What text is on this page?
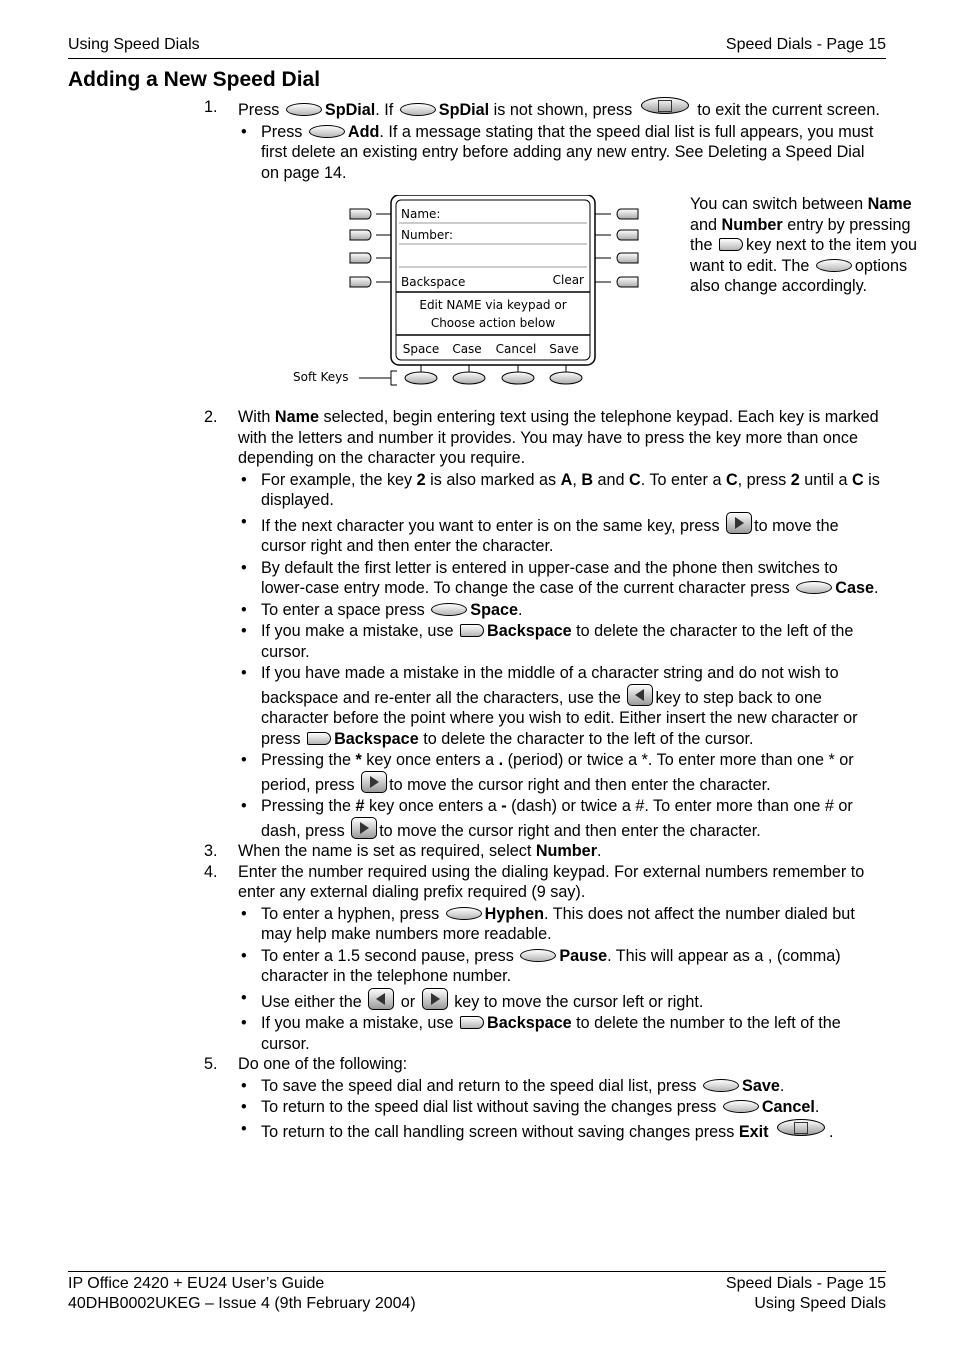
Using Speed Dials	Speed Dials - Page 15
Adding a New Speed Dial
1. Press	SpDial. If	SpDial is not shown, press	to exit the current screen.
• Press	Add. If a message stating that the speed dial list is full appears, you must first delete an existing entry before adding any new entry. See Deleting a Speed Dial on page 14.
Name:
Number:
Backspace	Clear
Edit NAME via keypad or
Choose action below
Space Case Cancel Save
Soft Keys
You can switch between Name and Number entry by pressing the key next to the item you want to edit. The	options also change accordingly.
2. With Name selected, begin entering text using the telephone keypad. Each key is marked with the letters and number it provides. You may have to press the key more than once depending on the character you require.
• For example, the key 2 is also marked as A, B and C. To enter a C, press 2 until a C is displayed.
• If the next character you want to enter is on the same key, press to move the cursor right and then enter the character.
• By default the first letter is entered in upper-case and the phone then switches to lower-case entry mode. To change the case of the current character press	Case.
• To enter a space press	Space.
• If you make a mistake, use Backspace to delete the character to the left of the cursor.
• If you have made a mistake in the middle of a character string and do not wish to backspace and re-enter all the characters, use the key to step back to one character before the point where you wish to edit. Either insert the new character or press Backspace to delete the character to the left of the cursor.
• Pressing the * key once enters a . (period) or twice a *. To enter more than one * or period, press to move the cursor right and then enter the character.
• Pressing the # key once enters a - (dash) or twice a #. To enter more than one # or dash, press to move the cursor right and then enter the character.
3. When the name is set as required, select Number.
4. Enter the number required using the dialing keypad. For external numbers remember to enter any external dialing prefix required (9 say).
• To enter a hyphen, press	Hyphen. This does not affect the number dialed but may help make numbers more readable.
• To enter a 1.5 second pause, press	Pause. This will appear as a , (comma) character in the telephone number.
• Use either the or key to move the cursor left or right.
• If you make a mistake, use Backspace to delete the number to the left of the cursor.
5. Do one of the following:
• To save the speed dial and return to the speed dial list, press	Save.
• To return to the speed dial list without saving the changes press	Cancel.
• To return to the call handling screen without saving changes press Exit	.
IP Office 2420 + EU24 User’s Guide	Speed Dials - Page 15
40DHB0002UKEG – Issue 4 (9th February 2004)	Using Speed Dials
